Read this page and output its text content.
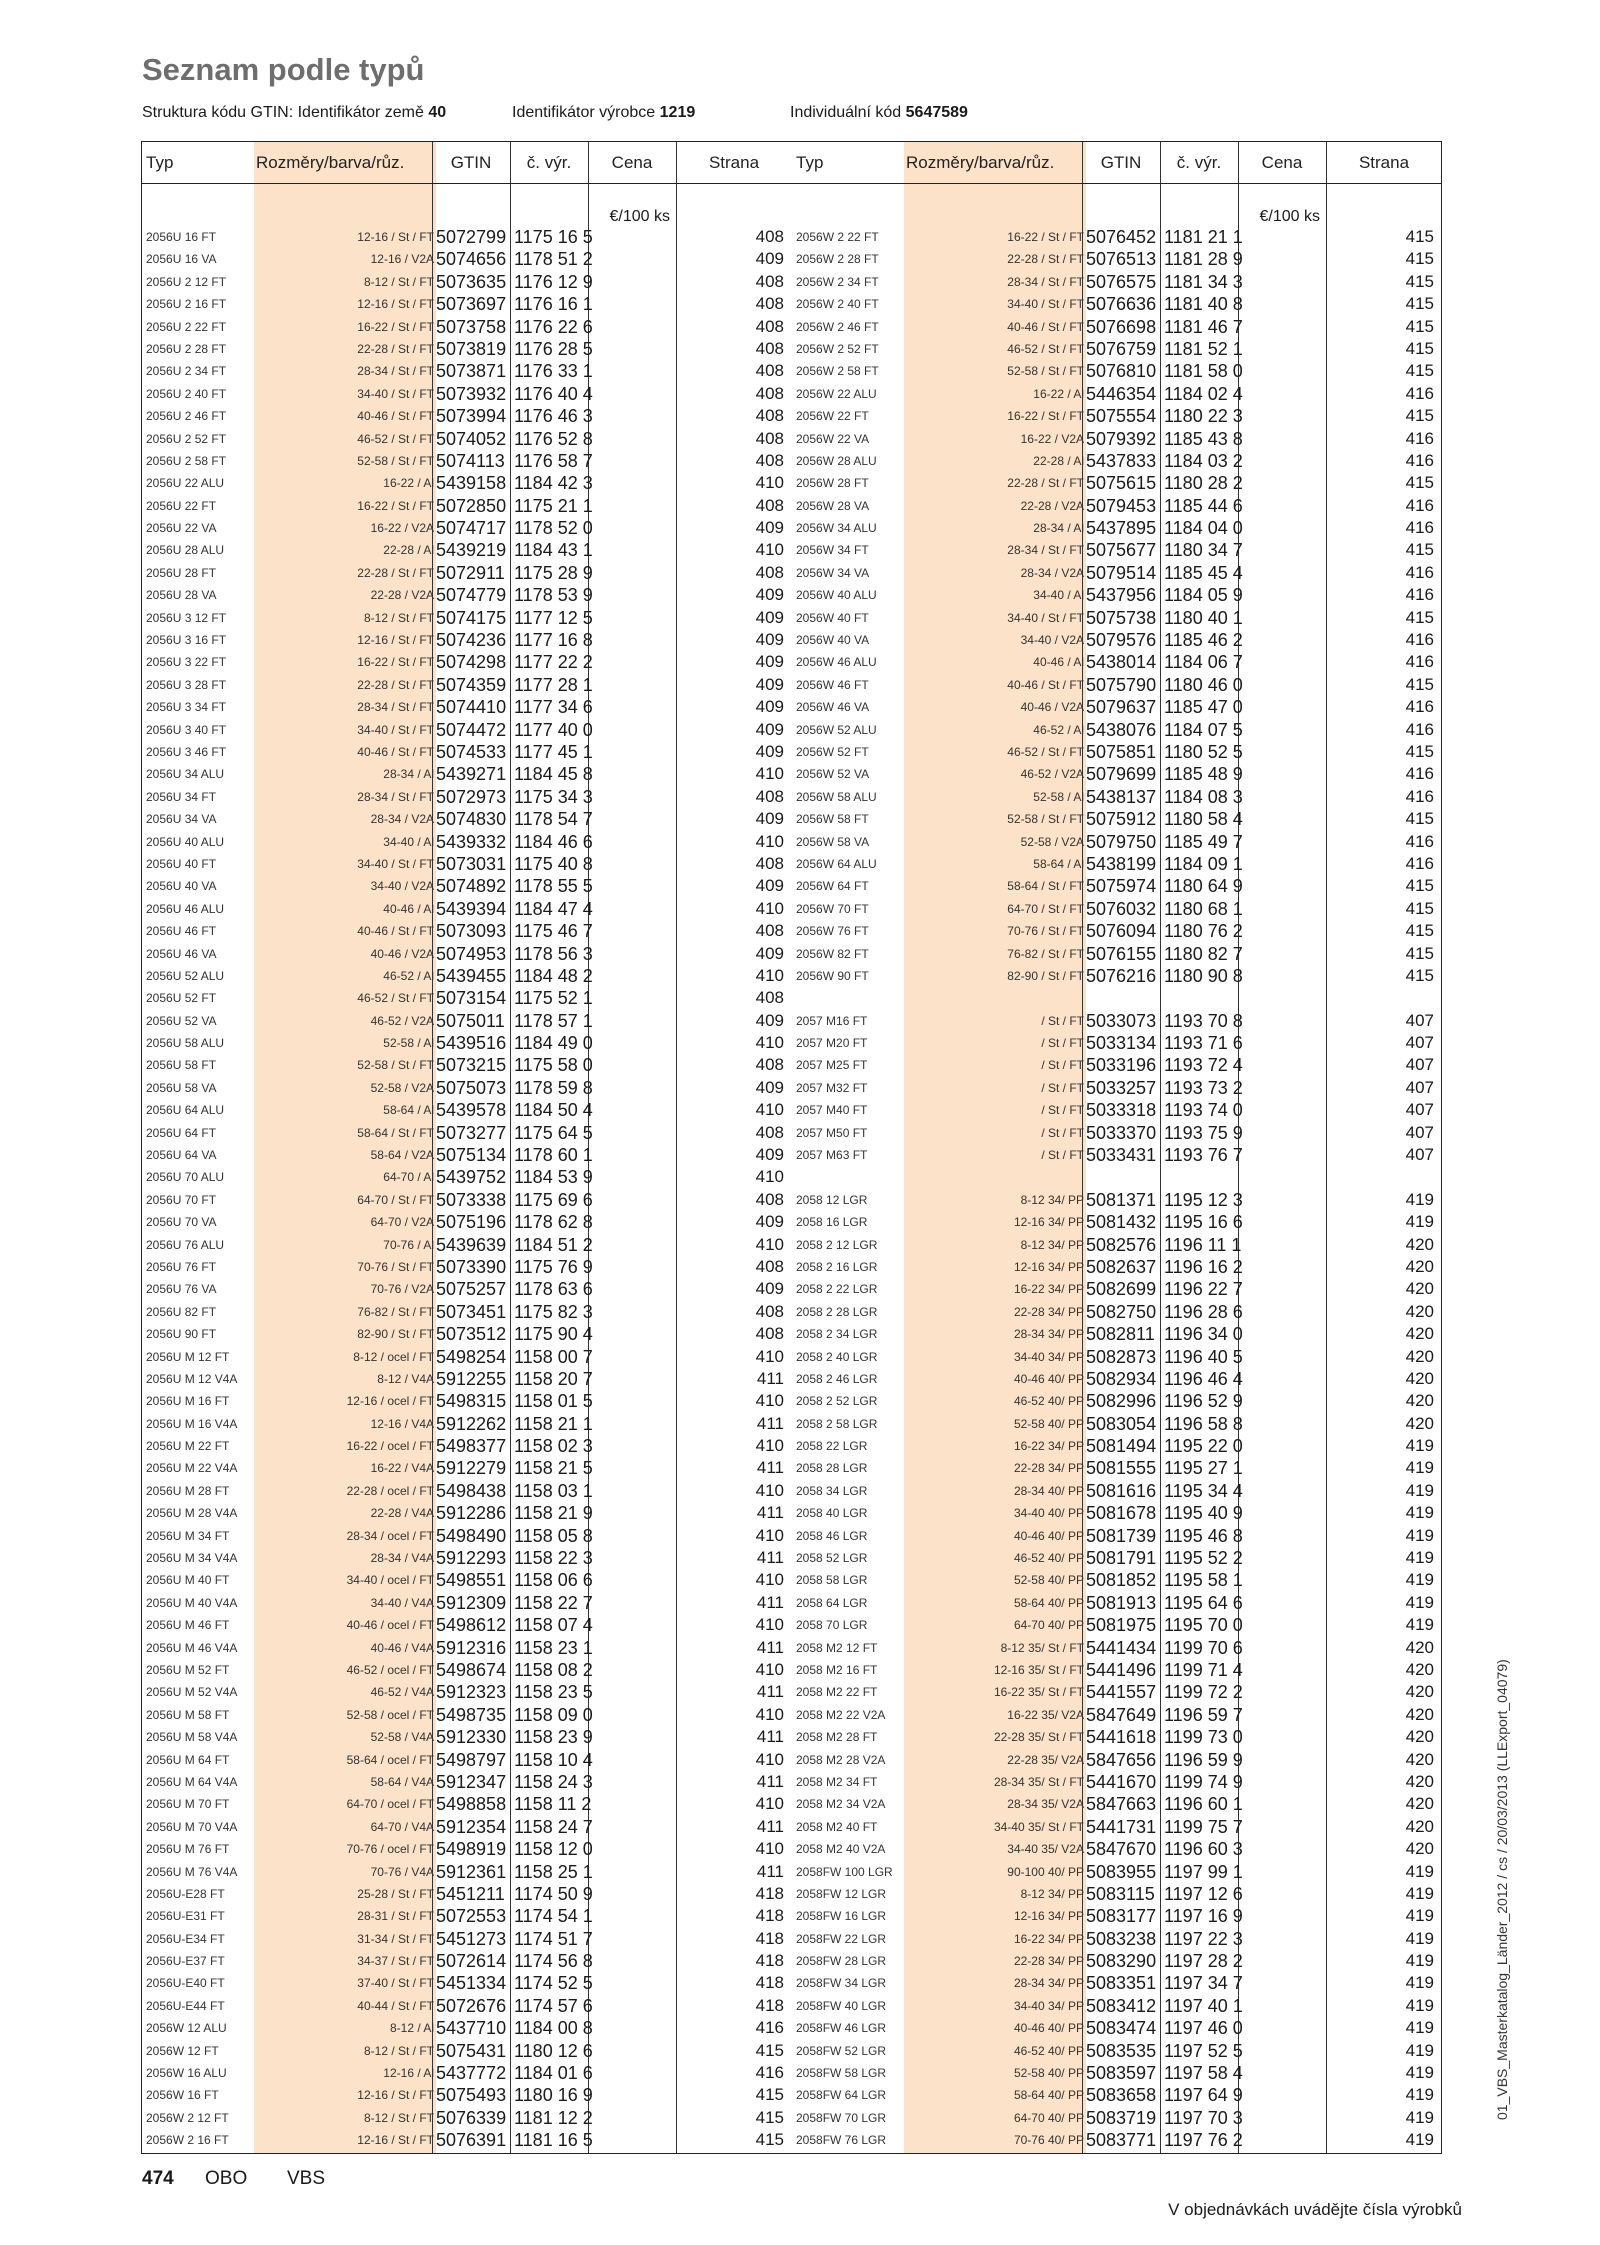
Seznam podle typů
Struktura kódu GTIN: Identifikátor země 40	Identifikátor výrobce 1219	Individuální kód 5647589
Typ	Rozměry/barva/růz.	GTIN	č. výr.	Cena	Strana
€/100 ks
2056U 16 FT	12-16 / St / FT 5072799 1175 16 5	408
2056U 16 VA	12-16 / V2A 5074656 1178 51 2	409
2056U 2 12 FT	8-12 / St / FT 5073635 1176 12 9	408
2056U 2 16 FT	12-16 / St / FT 5073697 1176 16 1	408
2056U 2 22 FT	16-22 / St / FT 5073758 1176 22 6	408
2056U 2 28 FT	22-28 / St / FT 5073819 1176 28 5	408
2056U 2 34 FT	28-34 / St / FT 5073871 1176 33 1	408
2056U 2 40 FT	34-40 / St / FT 5073932 1176 40 4	408
2056U 2 46 FT	40-46 / St / FT 5073994 1176 46 3	408
2056U 2 52 FT	46-52 / St / FT 5074052 1176 52 8	408
2056U 2 58 FT	52-58 / St / FT 5074113 1176 58 7	408
2056U 22 ALU	16-22 / Al 5439158 1184 42 3	410
2056U 22 FT	16-22 / St / FT 5072850 1175 21 1	408
2056U 22 VA	16-22 / V2A 5074717 1178 52 0	409
2056U 28 ALU	22-28 / Al 5439219 1184 43 1	410
2056U 28 FT	22-28 / St / FT 5072911 1175 28 9	408
2056U 28 VA	22-28 / V2A 5074779 1178 53 9	409
2056U 3 12 FT	8-12 / St / FT 5074175 1177 12 5	409
2056U 3 16 FT	12-16 / St / FT 5074236 1177 16 8	409
2056U 3 22 FT	16-22 / St / FT 5074298 1177 22 2	409
2056U 3 28 FT	22-28 / St / FT 5074359 1177 28 1	409
2056U 3 34 FT	28-34 / St / FT 5074410 1177 34 6	409
2056U 3 40 FT	34-40 / St / FT 5074472 1177 40 0	409
2056U 3 46 FT	40-46 / St / FT 5074533 1177 45 1	409
2056U 34 ALU	28-34 / Al 5439271 1184 45 8	410
2056U 34 FT	28-34 / St / FT 5072973 1175 34 3	408
2056U 34 VA	28-34 / V2A 5074830 1178 54 7	409
2056U 40 ALU	34-40 / Al 5439332 1184 46 6	410
2056U 40 FT	34-40 / St / FT 5073031 1175 40 8	408
2056U 40 VA	34-40 / V2A 5074892 1178 55 5	409
2056U 46 ALU	40-46 / Al 5439394 1184 47 4	410
2056U 46 FT	40-46 / St / FT 5073093 1175 46 7	408
2056U 46 VA	40-46 / V2A 5074953 1178 56 3	409
2056U 52 ALU	46-52 / Al 5439455 1184 48 2	410
2056U 52 FT	46-52 / St / FT 5073154 1175 52 1	408
2056U 52 VA	46-52 / V2A 5075011 1178 57 1	409
2056U 58 ALU	52-58 / Al 5439516 1184 49 0	410
2056U 58 FT	52-58 / St / FT 5073215 1175 58 0	408
2056U 58 VA	52-58 / V2A 5075073 1178 59 8	409
2056U 64 ALU	58-64 / Al 5439578 1184 50 4	410
2056U 64 FT	58-64 / St / FT 5073277 1175 64 5	408
2056U 64 VA	58-64 / V2A 5075134 1178 60 1	409
2056U 70 ALU	64-70 / Al 5439752 1184 53 9	410
2056U 70 FT	64-70 / St / FT 5073338 1175 69 6	408
2056U 70 VA	64-70 / V2A 5075196 1178 62 8	409
2056U 76 ALU	70-76 / Al 5439639 1184 51 2	410
2056U 76 FT	70-76 / St / FT 5073390 1175 76 9	408
2056U 76 VA	70-76 / V2A 5075257 1178 63 6	409
2056U 82 FT	76-82 / St / FT 5073451 1175 82 3	408
2056U 90 FT	82-90 / St / FT 5073512 1175 90 4	408
2056U M 12 FT	8-12 / ocel / FT 5498254 1158 00 7	410
2056U M 12 V4A	8-12 / V4A 5912255 1158 20 7	411
2056U M 16 FT	12-16 / ocel / FT 5498315 1158 01 5	410
2056U M 16 V4A	12-16 / V4A 5912262 1158 21 1	411
2056U M 22 FT	16-22 / ocel / FT 5498377 1158 02 3	410
2056U M 22 V4A	16-22 / V4A 5912279 1158 21 5	411
2056U M 28 FT	22-28 / ocel / FT 5498438 1158 03 1	410
2056U M 28 V4A	22-28 / V4A 5912286 1158 21 9	411
2056U M 34 FT	28-34 / ocel / FT 5498490 1158 05 8	410
2056U M 34 V4A	28-34 / V4A 5912293 1158 22 3	411
2056U M 40 FT	34-40 / ocel / FT 5498551 1158 06 6	410
2056U M 40 V4A	34-40 / V4A 5912309 1158 22 7	411
2056U M 46 FT	40-46 / ocel / FT 5498612 1158 07 4	410
2056U M 46 V4A	40-46 / V4A 5912316 1158 23 1	411
2056U M 52 FT	46-52 / ocel / FT 5498674 1158 08 2	410
2056U M 52 V4A	46-52 / V4A 5912323 1158 23 5	411
2056U M 58 FT	52-58 / ocel / FT 5498735 1158 09 0	410
2056U M 58 V4A	52-58 / V4A 5912330 1158 23 9	411
2056U M 64 FT	58-64 / ocel / FT 5498797 1158 10 4	410
2056U M 64 V4A	58-64 / V4A 5912347 1158 24 3	411
2056U M 70 FT	64-70 / ocel / FT 5498858 1158 11 2	410
2056U M 70 V4A	64-70 / V4A 5912354 1158 24 7	411
2056U M 76 FT	70-76 / ocel / FT 5498919 1158 12 0	410
2056U M 76 V4A	70-76 / V4A 5912361 1158 25 1	411
2056U-E28 FT	25-28 / St / FT 5451211 1174 50 9	418
2056U-E31 FT	28-31 / St / FT 5072553 1174 54 1	418
2056U-E34 FT	31-34 / St / FT 5451273 1174 51 7	418
2056U-E37 FT	34-37 / St / FT 5072614 1174 56 8	418
2056U-E40 FT	37-40 / St / FT 5451334 1174 52 5	418
2056U-E44 FT	40-44 / St / FT 5072676 1174 57 6	418
2056W 12 ALU	8-12 / Al 5437710 1184 00 8	416
2056W 12 FT	8-12 / St / FT 5075431 1180 12 6	415
2056W 16 ALU	12-16 / Al 5437772 1184 01 6	416
2056W 16 FT	12-16 / St / FT 5075493 1180 16 9	415
2056W 2 12 FT	8-12 / St / FT 5076339 1181 12 2	415
2056W 2 16 FT	12-16 / St / FT 5076391 1181 16 5	415
Typ	Rozměry/barva/růz.	GTIN	č. výr.	Cena	Strana
€/100 ks
2056W 2 22 FT	16-22 / St / FT 5076452 1181 21 1	415
2056W 2 28 FT	22-28 / St / FT 5076513 1181 28 9	415
2056W 2 34 FT	28-34 / St / FT 5076575 1181 34 3	415
2056W 2 40 FT	34-40 / St / FT 5076636 1181 40 8	415
2056W 2 46 FT	40-46 / St / FT 5076698 1181 46 7	415
2056W 2 52 FT	46-52 / St / FT 5076759 1181 52 1	415
2056W 2 58 FT	52-58 / St / FT 5076810 1181 58 0	415
2056W 22 ALU	16-22 / Al 5446354 1184 02 4	416
2056W 22 FT	16-22 / St / FT 5075554 1180 22 3	415
2056W 22 VA	16-22 / V2A 5079392 1185 43 8	416
2056W 28 ALU	22-28 / Al 5437833 1184 03 2	416
2056W 28 FT	22-28 / St / FT 5075615 1180 28 2	415
2056W 28 VA	22-28 / V2A 5079453 1185 44 6	416
2056W 34 ALU	28-34 / Al 5437895 1184 04 0	416
2056W 34 FT	28-34 / St / FT 5075677 1180 34 7	415
2056W 34 VA	28-34 / V2A 5079514 1185 45 4	416
2056W 40 ALU	34-40 / Al 5437956 1184 05 9	416
2056W 40 FT	34-40 / St / FT 5075738 1180 40 1	415
2056W 40 VA	34-40 / V2A 5079576 1185 46 2	416
2056W 46 ALU	40-46 / Al 5438014 1184 06 7	416
2056W 46 FT	40-46 / St / FT 5075790 1180 46 0	415
2056W 46 VA	40-46 / V2A 5079637 1185 47 0	416
2056W 52 ALU	46-52 / Al 5438076 1184 07 5	416
2056W 52 FT	46-52 / St / FT 5075851 1180 52 5	415
2056W 52 VA	46-52 / V2A 5079699 1185 48 9	416
2056W 58 ALU	52-58 / Al 5438137 1184 08 3	416
2056W 58 FT	52-58 / St / FT 5075912 1180 58 4	415
2056W 58 VA	52-58 / V2A 5079750 1185 49 7	416
2056W 64 ALU	58-64 / Al 5438199 1184 09 1	416
2056W 64 FT	58-64 / St / FT 5075974 1180 64 9	415
2056W 70 FT	64-70 / St / FT 5076032 1180 68 1	415
2056W 76 FT	70-76 / St / FT 5076094 1180 76 2	415
2056W 82 FT	76-82 / St / FT 5076155 1180 82 7	415
2056W 90 FT	82-90 / St / FT 5076216 1180 90 8	415
2057 M16 FT	/ St / FT 5033073 1193 70 8	407
2057 M20 FT	/ St / FT 5033134 1193 71 6	407
2057 M25 FT	/ St / FT 5033196 1193 72 4	407
2057 M32 FT	/ St / FT 5033257 1193 73 2	407
2057 M40 FT	/ St / FT 5033318 1193 74 0	407
2057 M50 FT	/ St / FT 5033370 1193 75 9	407
2057 M63 FT	/ St / FT 5033431 1193 76 7	407
2058 12 LGR	8-12 34/ PP 5081371 1195 12 3	419
2058 16 LGR	12-16 34/ PP 5081432 1195 16 6	419
2058 2 12 LGR	8-12 34/ PP 5082576 1196 11 1	420
2058 2 16 LGR	12-16 34/ PP 5082637 1196 16 2	420
2058 2 22 LGR	16-22 34/ PP 5082699 1196 22 7	420
2058 2 28 LGR	22-28 34/ PP 5082750 1196 28 6	420
2058 2 34 LGR	28-34 34/ PP 5082811 1196 34 0	420
2058 2 40 LGR	34-40 34/ PP 5082873 1196 40 5	420
2058 2 46 LGR	40-46 40/ PP 5082934 1196 46 4	420
2058 2 52 LGR	46-52 40/ PP 5082996 1196 52 9	420
2058 2 58 LGR	52-58 40/ PP 5083054 1196 58 8	420
2058 22 LGR	16-22 34/ PP 5081494 1195 22 0	419
2058 28 LGR	22-28 34/ PP 5081555 1195 27 1	419
2058 34 LGR	28-34 40/ PP 5081616 1195 34 4	419
2058 40 LGR	34-40 40/ PP 5081678 1195 40 9	419
2058 46 LGR	40-46 40/ PP 5081739 1195 46 8	419
2058 52 LGR	46-52 40/ PP 5081791 1195 52 2	419
2058 58 LGR	52-58 40/ PP 5081852 1195 58 1	419
2058 64 LGR	58-64 40/ PP 5081913 1195 64 6	419
2058 70 LGR	64-70 40/ PP 5081975 1195 70 0	419
2058 M2 12 FT	8-12 35/ St / FT 5441434 1199 70 6	420
2058 M2 16 FT	12-16 35/ St / FT 5441496 1199 71 4	420
2058 M2 22 FT	16-22 35/ St / FT 5441557 1199 72 2	420
2058 M2 22 V2A	16-22 35/ V2A 5847649 1196 59 7	420
2058 M2 28 FT	22-28 35/ St / FT 5441618 1199 73 0	420
2058 M2 28 V2A	22-28 35/ V2A 5847656 1196 59 9	420
2058 M2 34 FT	28-34 35/ St / FT 5441670 1199 74 9	420
2058 M2 34 V2A	28-34 35/ V2A 5847663 1196 60 1	420
2058 M2 40 FT	34-40 35/ St / FT 5441731 1199 75 7	420
2058 M2 40 V2A	34-40 35/ V2A 5847670 1196 60 3	420
2058FW 100 LGR	90-100 40/ PP 5083955 1197 99 1	419
2058FW 12 LGR	8-12 34/ PP 5083115 1197 12 6	419
2058FW 16 LGR	12-16 34/ PP 5083177 1197 16 9	419
2058FW 22 LGR	16-22 34/ PP 5083238 1197 22 3	419
2058FW 28 LGR	22-28 34/ PP 5083290 1197 28 2	419
2058FW 34 LGR	28-34 34/ PP 5083351 1197 34 7	419
2058FW 40 LGR	34-40 34/ PP 5083412 1197 40 1	419
2058FW 46 LGR	40-46 40/ PP 5083474 1197 46 0	419
2058FW 52 LGR	46-52 40/ PP 5083535 1197 52 5	419
2058FW 58 LGR	52-58 40/ PP 5083597 1197 58 4	419
2058FW 64 LGR	58-64 40/ PP 5083658 1197 64 9	419
2058FW 70 LGR	64-70 40/ PP 5083719 1197 70 3	419
2058FW 76 LGR	70-76 40/ PP 5083771 1197 76 2	419
01_VBS_Masterkatalog_Länder_2012 / cs / 20/03/2013 (LLExport_04079)
474 OBO VBS
V objednávkách uvádějte čísla výrobků
